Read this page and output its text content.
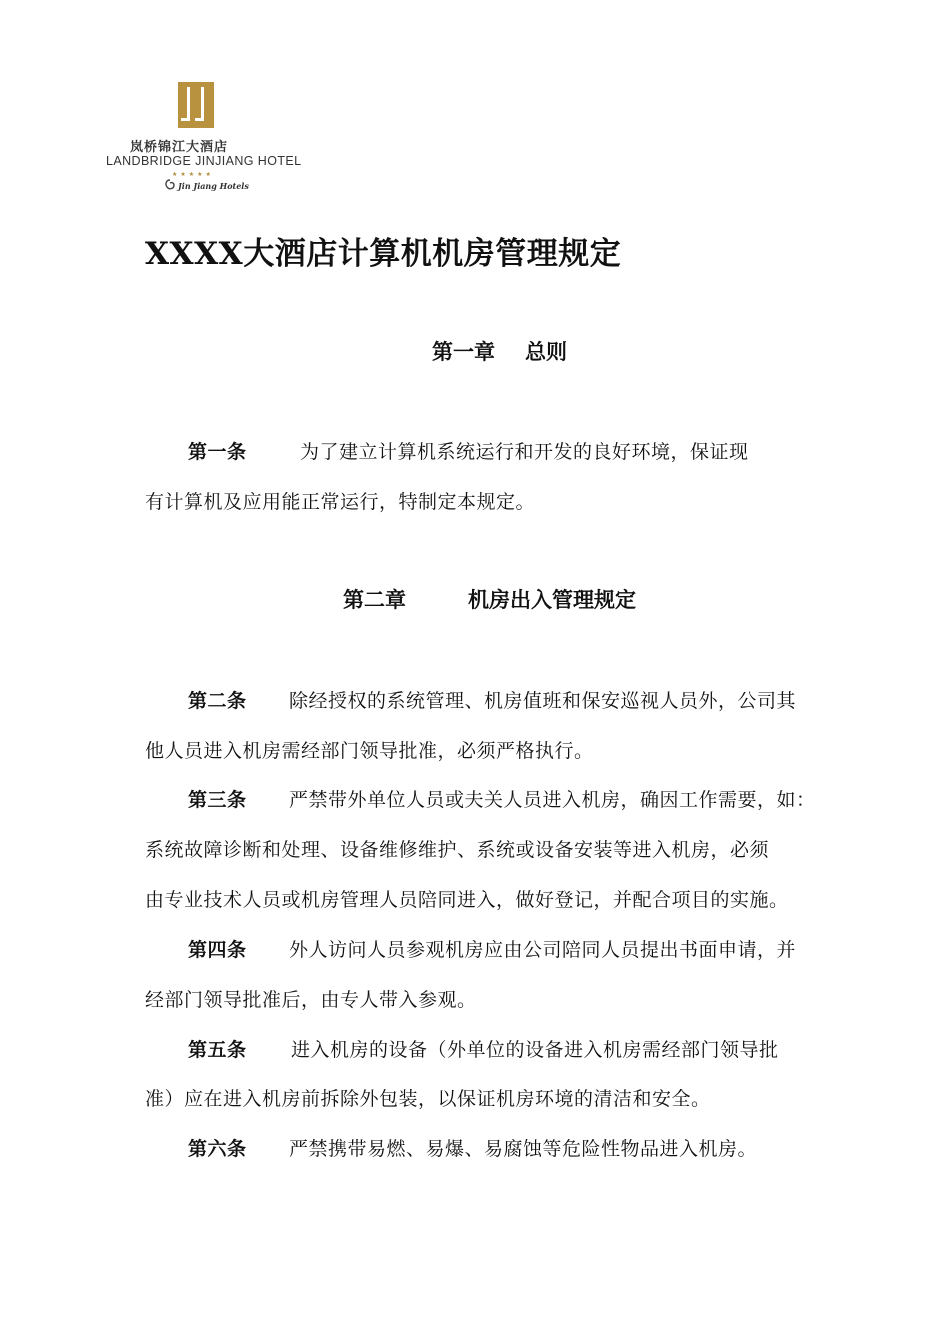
岚桥锦江大酒店
LANDBRIDGE JINJIANG HOTEL
★★★★★
Jin Jiang Hotels
XXXX大酒店计算机机房管理规定
第一章 总则
第一条	为了建立计算机系统运行和开发的良好环境，保证现
有计算机及应用能正常运行，特制定本规定。
第二章	机房出入管理规定
第二条 除经授权的系统管理、机房值班和保安巡视人员外，公司其
他人员进入机房需经部门领导批准，必须严格执行。
第三条 严禁带外单位人员或夫关人员进入机房，确因工作需要，如：
系统故障诊断和处理、设备维修维护、系统或设备安装等进入机房，必须
由专业技术人员或机房管理人员陪同进入，做好登记，并配合项目的实施。
第四条 外人访问人员参观机房应由公司陪同人员提出书面申请，并
经部门领导批准后，由专人带入参观。
第五条 进入机房的设备（外单位的设备进入机房需经部门领导批
准）应在进入机房前拆除外包装，以保证机房环境的清洁和安全。
第六条 严禁携带易燃、易爆、易腐蚀等危险性物品进入机房。
